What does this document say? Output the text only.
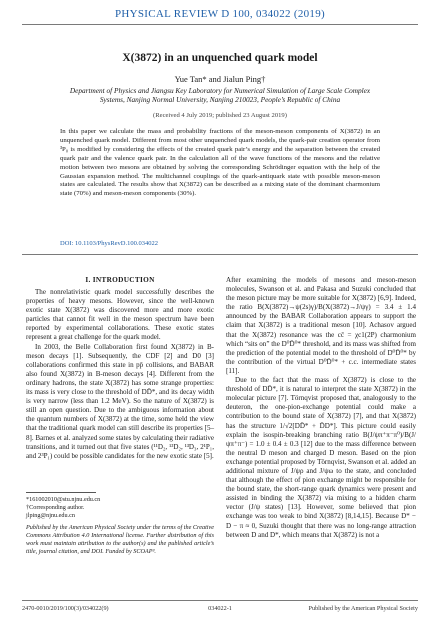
PHYSICAL REVIEW D 100, 034022 (2019)
X(3872) in an unquenched quark model
Yue Tan* and Jialun Ping†
Department of Physics and Jiangsu Key Laboratory for Numerical Simulation of Large Scale Complex Systems, Nanjing Normal University, Nanjing 210023, People’s Republic of China
(Received 4 July 2019; published 23 August 2019)
In this paper we calculate the mass and probability fractions of the meson-meson components of X(3872) in an unquenched quark model. Different from most other unquenched quark models, the quark-pair creation operator from ³P₀ is modified by considering the effects of the created quark pair’s energy and the separation between the created quark pair and the valence quark pair. In the calculation all of the wave functions of the mesons and the relative motion between two mesons are obtained by solving the corresponding Schrödinger equation with the help of the Gaussian expansion method. The multichannel couplings of the quark-antiquark state with possible meson-meson states are calculated. The results show that X(3872) can be described as a mixing state of the dominant charmonium state (70%) and meson-meson components (30%).
DOI: 10.1103/PhysRevD.100.034022
I. INTRODUCTION

The nonrelativistic quark model successfully describes the properties of heavy mesons. However, since the well-known exotic state X(3872) was discovered more and more exotic particles that cannot fit well in the meson spectrum have been reported by experimental collaborations. These exotic states represent a great challenge for the quark model.

In 2003, the Belle Collaboration first found X(3872) in B-meson decays [1]. Subsequently, the CDF [2] and D0 [3] collaborations confirmed this state in pp̄ collisions, and BABAR also found X(3872) in B-meson decays [4]. Different from the ordinary hadrons, the state X(3872) has some strange properties: its mass is very close to the threshold of DD̄*, and its decay width is very narrow (less than 1.2 MeV). So the nature of X(3872) is still an open question. Due to the ambiguous information about the quantum numbers of X(3872) at the time, some held the view that the traditional quark model can still describe its properties [5–8]. Barnes et al. analyzed some states by calculating their radiative transitions, and it turned out that five states (¹¹D₂, ¹³D₂, ¹³D₃, 2¹P₁, and 2³P₁) could be possible candidates for the new exotic state [5].

*161002010@stu.njnu.edu.cn
†Corresponding author.
jlping@njnu.edu.cn
Published by the American Physical Society under the terms of the Creative Commons Attribution 4.0 International license. Further distribution of this work must maintain attribution to the author(s) and the published article’s title, journal citation, and DOI. Funded by SCOAP³.

After examining the models of mesons and meson-meson molecules, Swanson et al. and Pakasa and Suzuki concluded that the meson picture may be more suitable for X(3872) [6,9]. Indeed, the ratio B(X(3872)→ψ(2s)γ)/B(X(3872)→J/ψγ) = 3.4 ± 1.4 announced by the BABAR Collaboration appears to support the claim that X(3872) is a traditional meson [10]. Achasov argued that the X(3872) resonance was the cc̄ = χc1(2P) charmonium which “sits on” the D⁰D̄⁰* threshold, and its mass was shifted from the prediction of the potential model to the threshold of D⁰D̄⁰* by the contribution of the virtual D⁰D̄⁰* + c.c. intermediate states [11].

Due to the fact that the mass of X(3872) is close to the threshold of DD̄*, it is natural to interpret the state X(3872) in the molecular picture [7]. Törnqvist proposed that, analogously to the deuteron, the one-pion-exchange potential could make a contribution to the bound state of X(3872) [7], and that X(3872) has the structure 1/√2[DD̄* + D̄D*]. This picture could easily explain the isospin-breaking branching ratio B(J/ψπ⁺π⁻π⁰)/B(J/ψπ⁺π⁻) = 1.0 ± 0.4 ± 0.3 [12] due to the mass difference between the neutral D meson and charged D meson. Based on the pion exchange potential proposed by Törnqvist, Swanson et al. added an additional mixture of J/ψρ and J/ψω to the state, and concluded that although the effect of pion exchange might be responsible for the bound state, the short-range quark dynamics were present and assisted in binding the X(3872) via mixing to a hidden charm vector (J/ψ states) [13]. However, some believed that pion exchange was too weak to bind X(3872) [8,14,15]. Because D* − D − π ≈ 0, Suzuki thought that there was no long-range attraction between D and D*, which means that X(3872) is not a

2470-0010/2019/100(3)/034022(9)	034022-1	Published by the American Physical Society
